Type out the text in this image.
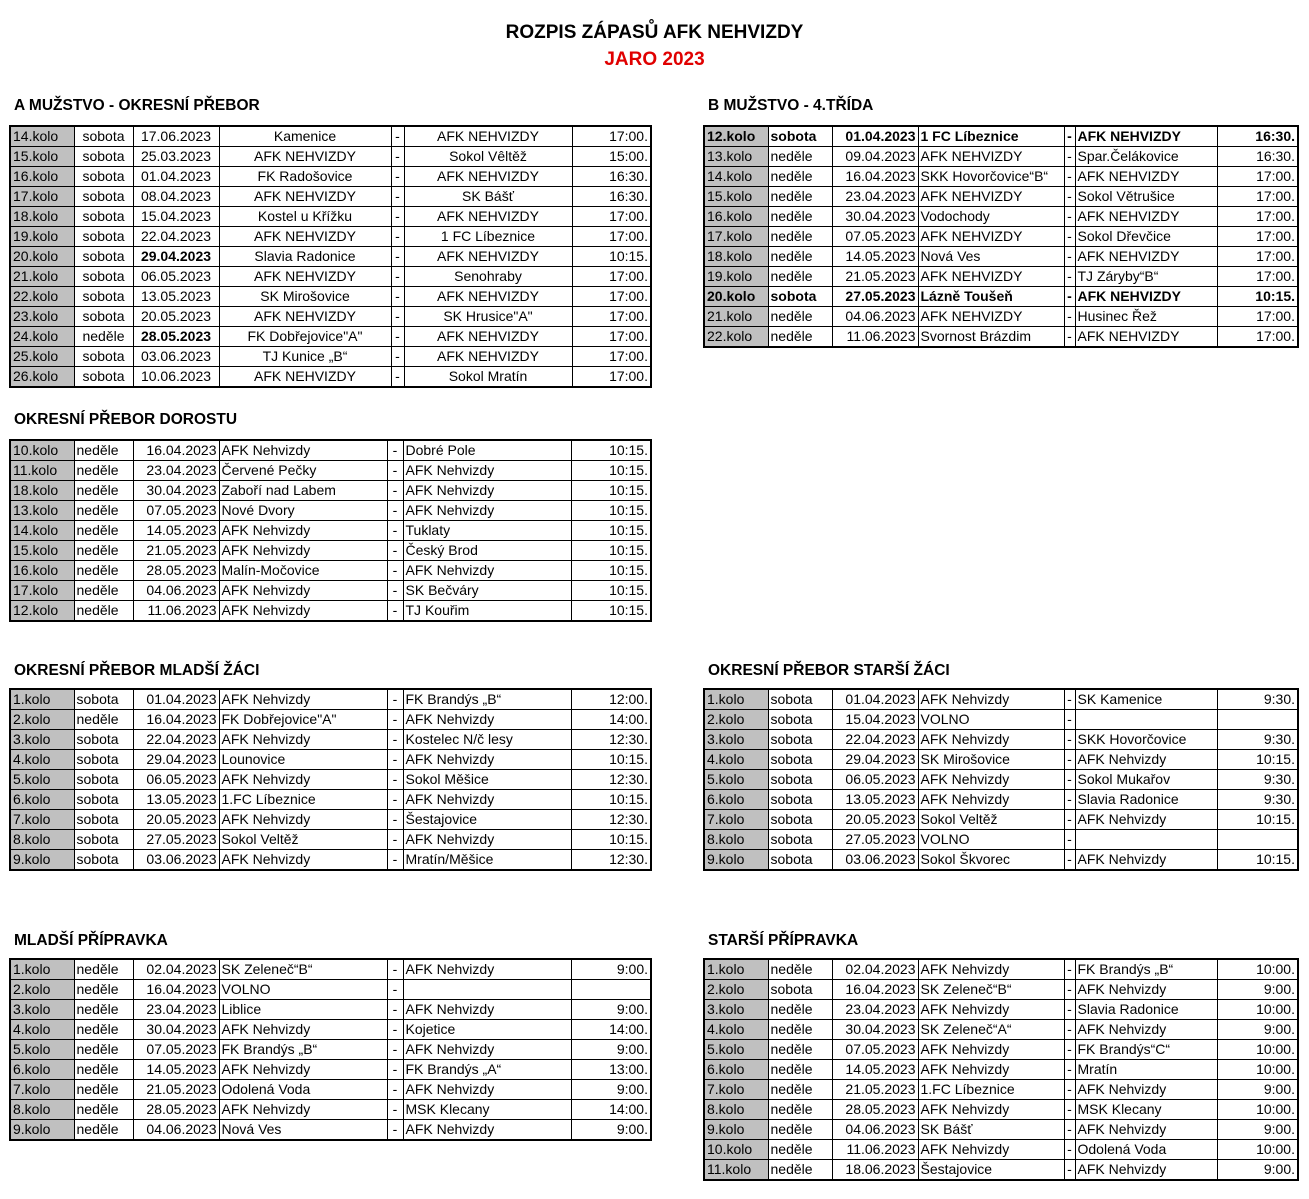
ROZPIS ZÁPASŮ AFK NEHVIZDY
JARO 2023
A MUŽSTVO - OKRESNÍ PŘEBOR
14.kolo	sobota	17.06.2023	Kamenice	-	AFK NEHVIZDY	17:00.
15.kolo	sobota	25.03.2023	AFK NEHVIZDY	-	Sokol Vêltěž	15:00.
16.kolo	sobota	01.04.2023	FK Radošovice	-	AFK NEHVIZDY	16:30.
17.kolo	sobota	08.04.2023	AFK NEHVIZDY	-	SK Bášť	16:30.
18.kolo	sobota	15.04.2023	Kostel u Křížku	-	AFK NEHVIZDY	17:00.
19.kolo	sobota	22.04.2023	AFK NEHVIZDY	-	1 FC Líbeznice	17:00.
20.kolo	sobota	29.04.2023	Slavia Radonice	-	AFK NEHVIZDY	10:15.
21.kolo	sobota	06.05.2023	AFK NEHVIZDY	-	Senohraby	17:00.
22.kolo	sobota	13.05.2023	SK Mirošovice	-	AFK NEHVIZDY	17:00.
23.kolo	sobota	20.05.2023	AFK NEHVIZDY	-	SK Hrusice"A"	17:00.
24.kolo	neděle	28.05.2023	FK Dobřejovice"A"	-	AFK NEHVIZDY	17:00.
25.kolo	sobota	03.06.2023	TJ Kunice „B“	-	AFK NEHVIZDY	17:00.
26.kolo	sobota	10.06.2023	AFK NEHVIZDY	-	Sokol Mratín	17:00.
B MUŽSTVO - 4.TŘÍDA
12.kolo	sobota	01.04.2023	1 FC Líbeznice	-	AFK NEHVIZDY	16:30.
13.kolo	neděle	09.04.2023	AFK NEHVIZDY	-	Spar.Čelákovice	16:30.
14.kolo	neděle	16.04.2023	SKK Hovorčovice“B“	-	AFK NEHVIZDY	17:00.
15.kolo	neděle	23.04.2023	AFK NEHVIZDY	-	Sokol Větrušice	17:00.
16.kolo	neděle	30.04.2023	Vodochody	-	AFK NEHVIZDY	17:00.
17.kolo	neděle	07.05.2023	AFK NEHVIZDY	-	Sokol Dřevčice	17:00.
18.kolo	neděle	14.05.2023	Nová Ves	-	AFK NEHVIZDY	17:00.
19.kolo	neděle	21.05.2023	AFK NEHVIZDY	-	TJ Záryby“B“	17:00.
20.kolo	sobota	27.05.2023	Lázně Toušeň	-	AFK NEHVIZDY	10:15.
21.kolo	neděle	04.06.2023	AFK NEHVIZDY	-	Husinec Řež	17:00.
22.kolo	neděle	11.06.2023	Svornost Brázdim	-	AFK NEHVIZDY	17:00.
OKRESNÍ PŘEBOR DOROSTU
10.kolo	neděle	16.04.2023	AFK Nehvizdy	-	Dobré Pole	10:15.
11.kolo	neděle	23.04.2023	Červené Pečky	-	AFK Nehvizdy	10:15.
18.kolo	neděle	30.04.2023	Zaboří nad Labem	-	AFK Nehvizdy	10:15.
13.kolo	neděle	07.05.2023	Nové Dvory	-	AFK Nehvizdy	10:15.
14.kolo	neděle	14.05.2023	AFK Nehvizdy	-	Tuklaty	10:15.
15.kolo	neděle	21.05.2023	AFK Nehvizdy	-	Český Brod	10:15.
16.kolo	neděle	28.05.2023	Malín-Močovice	-	AFK Nehvizdy	10:15.
17.kolo	neděle	04.06.2023	AFK Nehvizdy	-	SK Bečváry	10:15.
12.kolo	neděle	11.06.2023	AFK Nehvizdy	-	TJ Kouřim	10:15.
OKRESNÍ PŘEBOR MLADŠÍ ŽÁCI
1.kolo	sobota	01.04.2023	AFK Nehvizdy	-	FK Brandýs „B“	12:00.
2.kolo	neděle	16.04.2023	FK Dobřejovice"A"	-	AFK Nehvizdy	14:00.
3.kolo	sobota	22.04.2023	AFK Nehvizdy	-	Kostelec N/č lesy	12:30.
4.kolo	sobota	29.04.2023	Lounovice	-	AFK Nehvizdy	10:15.
5.kolo	sobota	06.05.2023	AFK Nehvizdy	-	Sokol Měšice	12:30.
6.kolo	sobota	13.05.2023	1.FC Líbeznice	-	AFK Nehvizdy	10:15.
7.kolo	sobota	20.05.2023	AFK Nehvizdy	-	Šestajovice	12:30.
8.kolo	sobota	27.05.2023	Sokol Veltěž	-	AFK Nehvizdy	10:15.
9.kolo	sobota	03.06.2023	AFK Nehvizdy	-	Mratín/Měšice	12:30.
OKRESNÍ PŘEBOR STARŠÍ ŽÁCI
1.kolo	sobota	01.04.2023	AFK Nehvizdy	-	SK Kamenice	9:30.
2.kolo	sobota	15.04.2023	VOLNO	-		
3.kolo	sobota	22.04.2023	AFK Nehvizdy	-	SKK Hovorčovice	9:30.
4.kolo	sobota	29.04.2023	SK Mirošovice	-	AFK Nehvizdy	10:15.
5.kolo	sobota	06.05.2023	AFK Nehvizdy	-	Sokol Mukařov	9:30.
6.kolo	sobota	13.05.2023	AFK Nehvizdy	-	Slavia Radonice	9:30.
7.kolo	sobota	20.05.2023	Sokol Veltěž	-	AFK Nehvizdy	10:15.
8.kolo	sobota	27.05.2023	VOLNO	-		
9.kolo	sobota	03.06.2023	Sokol Škvorec	-	AFK Nehvizdy	10:15.
MLADŠÍ PŘÍPRAVKA
1.kolo	neděle	02.04.2023	SK Zeleneč“B“	-	AFK Nehvizdy	9:00.
2.kolo	neděle	16.04.2023	VOLNO	-		
3.kolo	neděle	23.04.2023	Liblice	-	AFK Nehvizdy	9:00.
4.kolo	neděle	30.04.2023	AFK Nehvizdy	-	Kojetice	14:00.
5.kolo	neděle	07.05.2023	FK Brandýs „B“	-	AFK Nehvizdy	9:00.
6.kolo	neděle	14.05.2023	AFK Nehvizdy	-	FK Brandýs „A“	13:00.
7.kolo	neděle	21.05.2023	Odolená Voda	-	AFK Nehvizdy	9:00.
8.kolo	neděle	28.05.2023	AFK Nehvizdy	-	MSK Klecany	14:00.
9.kolo	neděle	04.06.2023	Nová Ves	-	AFK Nehvizdy	9:00.
STARŠÍ PŘÍPRAVKA
1.kolo	neděle	02.04.2023	AFK Nehvizdy	-	FK Brandýs „B“	10:00.
2.kolo	sobota	16.04.2023	SK Zeleneč“B“	-	AFK Nehvizdy	9:00.
3.kolo	neděle	23.04.2023	AFK Nehvizdy	-	Slavia Radonice	10:00.
4.kolo	neděle	30.04.2023	SK Zeleneč“A“	-	AFK Nehvizdy	9:00.
5.kolo	neděle	07.05.2023	AFK Nehvizdy	-	FK Brandýs“C“	10:00.
6.kolo	neděle	14.05.2023	AFK Nehvizdy	-	Mratín	10:00.
7.kolo	neděle	21.05.2023	1.FC Líbeznice	-	AFK Nehvizdy	9:00.
8.kolo	neděle	28.05.2023	AFK Nehvizdy	-	MSK Klecany	10:00.
9.kolo	neděle	04.06.2023	SK Bášť	-	AFK Nehvizdy	9:00.
10.kolo	neděle	11.06.2023	AFK Nehvizdy	-	Odolená Voda	10:00.
11.kolo	neděle	18.06.2023	Šestajovice	-	AFK Nehvizdy	9:00.
